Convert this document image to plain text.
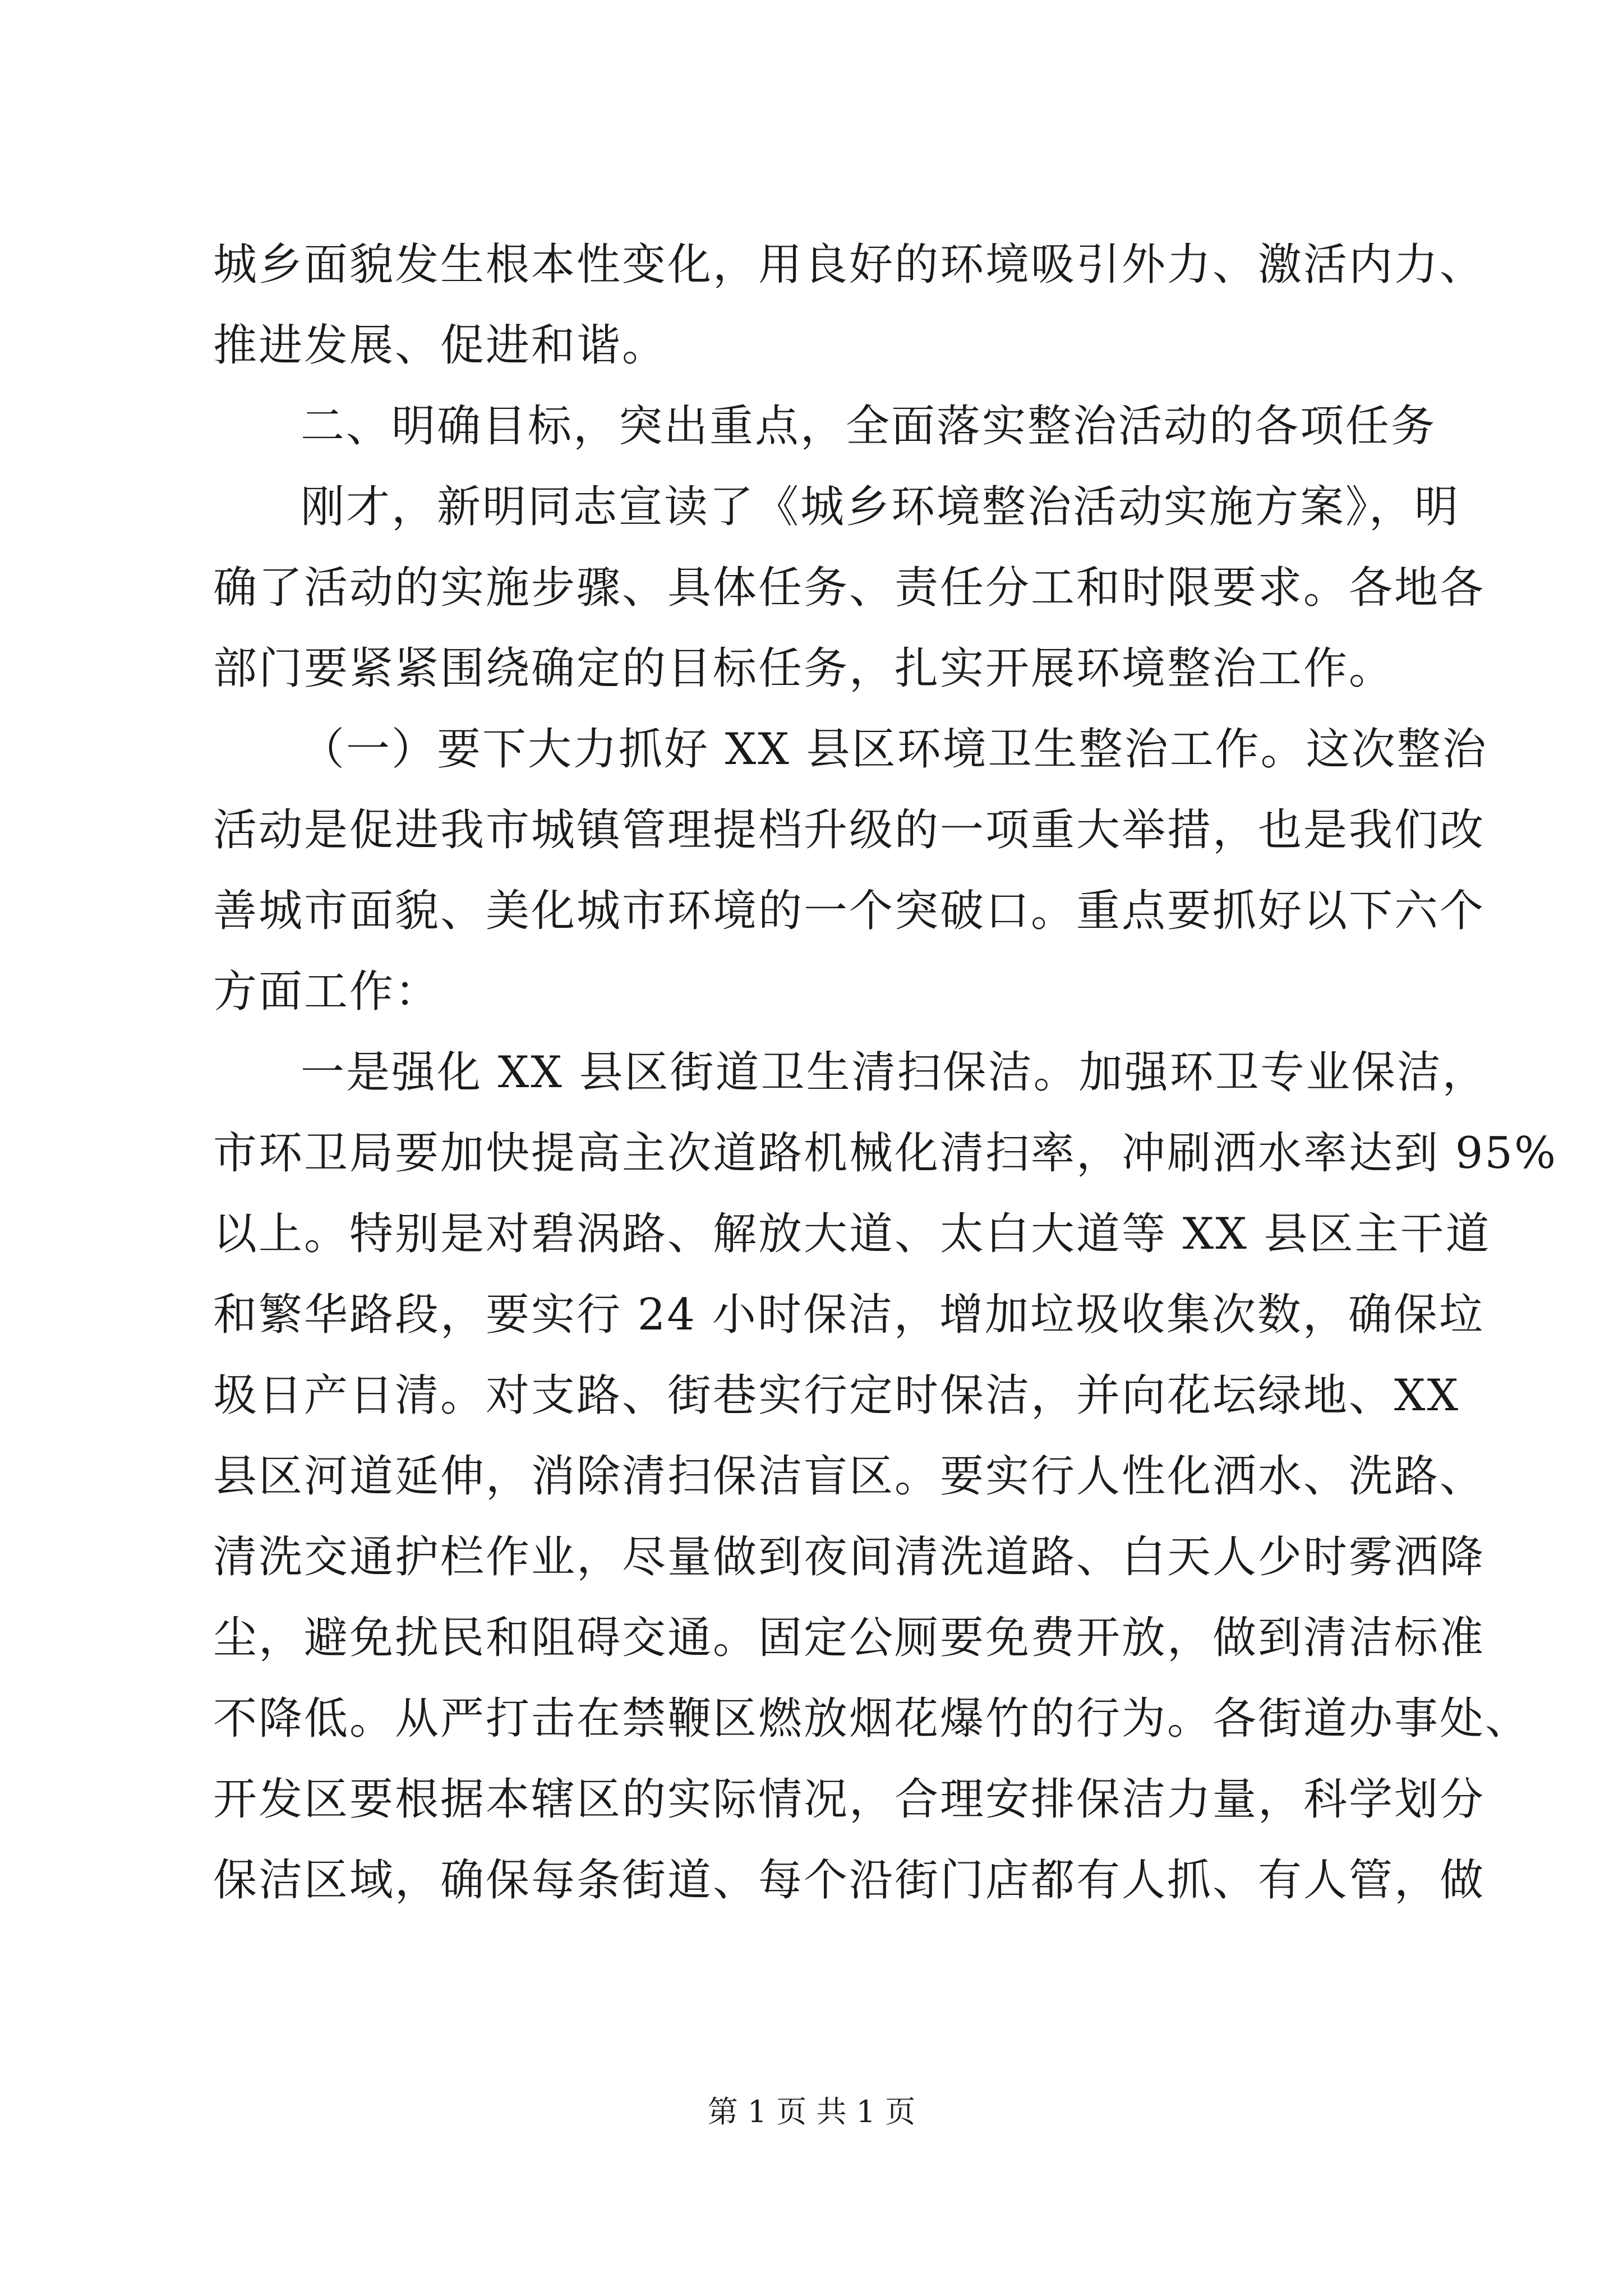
城乡面貌发生根本性变化，用良好的环境吸引外力、激活内力、
推进发展、促进和谐。
二、明确目标，突出重点，全面落实整治活动的各项任务
刚才，新明同志宣读了《城乡环境整治活动实施方案》，明
确了活动的实施步骤、具体任务、责任分工和时限要求。各地各
部门要紧紧围绕确定的目标任务，扎实开展环境整治工作。
（一）要下大力抓好 XX 县区环境卫生整治工作。这次整治
活动是促进我市城镇管理提档升级的一项重大举措，也是我们改
善城市面貌、美化城市环境的一个突破口。重点要抓好以下六个
方面工作：
一是强化 XX 县区街道卫生清扫保洁。加强环卫专业保洁，
市环卫局要加快提高主次道路机械化清扫率，冲刷洒水率达到 95%
以上。特别是对碧涡路、解放大道、太白大道等 XX 县区主干道
和繁华路段，要实行 24 小时保洁，增加垃圾收集次数，确保垃
圾日产日清。对支路、街巷实行定时保洁，并向花坛绿地、XX
县区河道延伸，消除清扫保洁盲区。要实行人性化洒水、洗路、
清洗交通护栏作业，尽量做到夜间清洗道路、白天人少时雾洒降
尘，避免扰民和阻碍交通。固定公厕要免费开放，做到清洁标准
不降低。从严打击在禁鞭区燃放烟花爆竹的行为。各街道办事处、
开发区要根据本辖区的实际情况，合理安排保洁力量，科学划分
保洁区域，确保每条街道、每个沿街门店都有人抓、有人管，做
第 1 页 共 1 页
